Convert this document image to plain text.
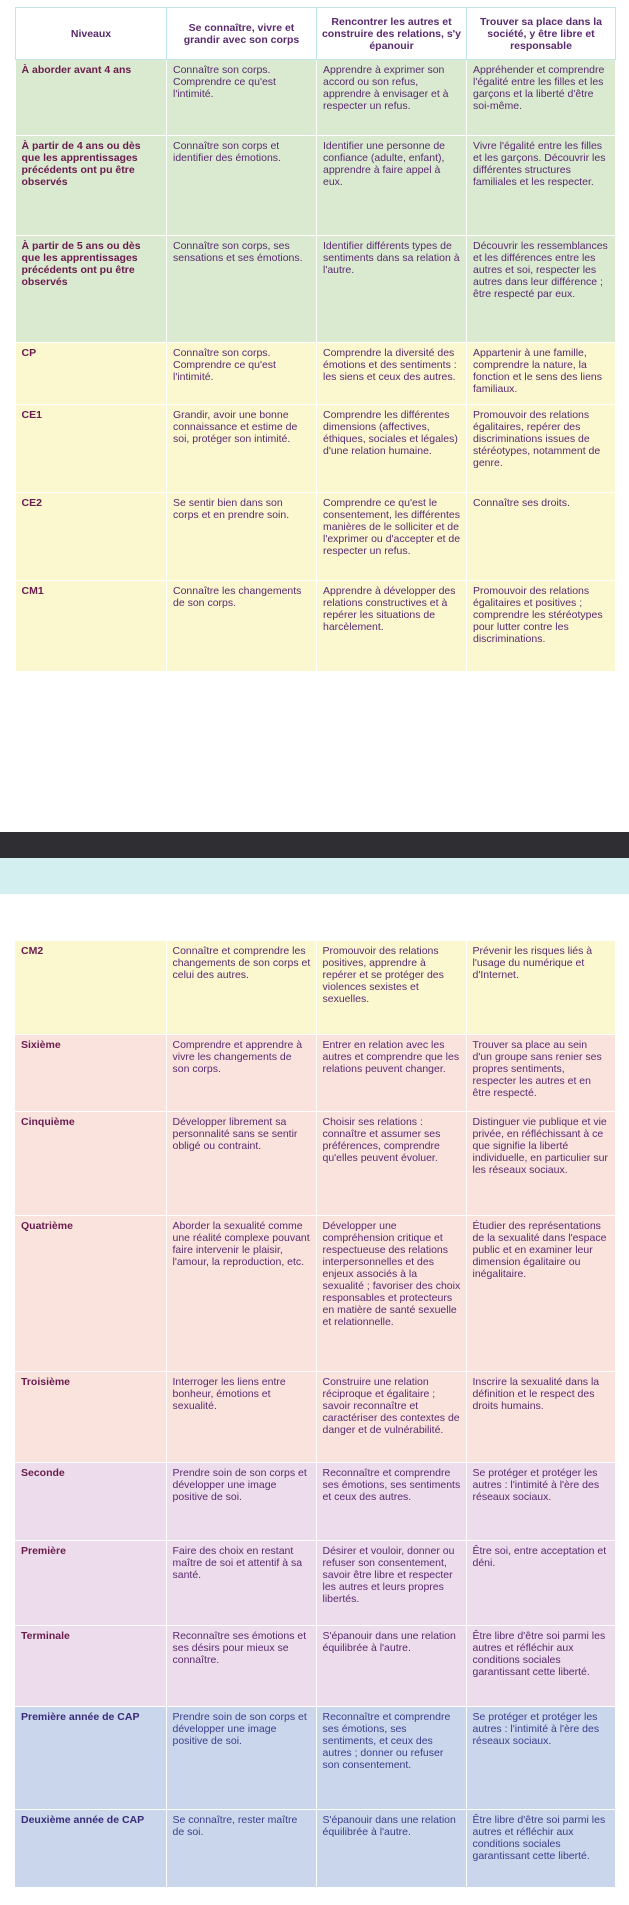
Niveaux	Se connaître, vivre et grandir avec son corps	Rencontrer les autres et construire des relations, s'y épanouir	Trouver sa place dans la société, y être libre et responsable
À aborder avant 4 ans	Connaître son corps. Comprendre ce qu'est l'intimité.	Apprendre à exprimer son accord ou son refus, apprendre à envisager et à respecter un refus.	Appréhender et comprendre l'égalité entre les filles et les garçons et la liberté d'être soi-même.
À partir de 4 ans ou dès que les apprentissages précédents ont pu être observés	Connaître son corps et identifier des émotions.	Identifier une personne de confiance (adulte, enfant), apprendre à faire appel à eux.	Vivre l'égalité entre les filles et les garçons. Découvrir les différentes structures familiales et les respecter.
À partir de 5 ans ou dès que les apprentissages précédents ont pu être observés	Connaître son corps, ses sensations et ses émotions.	Identifier différents types de sentiments dans sa relation à l'autre.	Découvrir les ressemblances et les différences entre les autres et soi, respecter les autres dans leur différence ; être respecté par eux.
CP	Connaître son corps. Comprendre ce qu'est l'intimité.	Comprendre la diversité des émotions et des sentiments : les siens et ceux des autres.	Appartenir à une famille, comprendre la nature, la fonction et le sens des liens familiaux.
CE1	Grandir, avoir une bonne connaissance et estime de soi, protéger son intimité.	Comprendre les différentes dimensions (affectives, éthiques, sociales et légales) d'une relation humaine.	Promouvoir des relations égalitaires, repérer des discriminations issues de stéréotypes, notamment de genre.
CE2	Se sentir bien dans son corps et en prendre soin.	Comprendre ce qu'est le consentement, les différentes manières de le solliciter et de l'exprimer ou d'accepter et de respecter un refus.	Connaître ses droits.
CM1	Connaître les changements de son corps.	Apprendre à développer des relations constructives et à repérer les situations de harcèlement.	Promouvoir des relations égalitaires et positives ; comprendre les stéréotypes pour lutter contre les discriminations.
CM2	Connaître et comprendre les changements de son corps et celui des autres.	Promouvoir des relations positives, apprendre à repérer et se protéger des violences sexistes et sexuelles.	Prévenir les risques liés à l'usage du numérique et d'Internet.
Sixième	Comprendre et apprendre à vivre les changements de son corps.	Entrer en relation avec les autres et comprendre que les relations peuvent changer.	Trouver sa place au sein d'un groupe sans renier ses propres sentiments, respecter les autres et en être respecté.
Cinquième	Développer librement sa personnalité sans se sentir obligé ou contraint.	Choisir ses relations : connaître et assumer ses préférences, comprendre qu'elles peuvent évoluer.	Distinguer vie publique et vie privée, en réfléchissant à ce que signifie la liberté individuelle, en particulier sur les réseaux sociaux.
Quatrième	Aborder la sexualité comme une réalité complexe pouvant faire intervenir le plaisir, l'amour, la reproduction, etc.	Développer une compréhension critique et respectueuse des relations interpersonnelles et des enjeux associés à la sexualité ; favoriser des choix responsables et protecteurs en matière de santé sexuelle et relationnelle.	Étudier des représentations de la sexualité dans l'espace public et en examiner leur dimension égalitaire ou inégalitaire.
Troisième	Interroger les liens entre bonheur, émotions et sexualité.	Construire une relation réciproque et égalitaire ; savoir reconnaître et caractériser des contextes de danger et de vulnérabilité.	Inscrire la sexualité dans la définition et le respect des droits humains.
Seconde	Prendre soin de son corps et développer une image positive de soi.	Reconnaître et comprendre ses émotions, ses sentiments et ceux des autres.	Se protéger et protéger les autres : l'intimité à l'ère des réseaux sociaux.
Première	Faire des choix en restant maître de soi et attentif à sa santé.	Désirer et vouloir, donner ou refuser son consentement, savoir être libre et respecter les autres et leurs propres libertés.	Être soi, entre acceptation et déni.
Terminale	Reconnaître ses émotions et ses désirs pour mieux se connaître.	S'épanouir dans une relation équilibrée à l'autre.	Être libre d'être soi parmi les autres et réfléchir aux conditions sociales garantissant cette liberté.
Première année de CAP	Prendre soin de son corps et développer une image positive de soi.	Reconnaître et comprendre ses émotions, ses sentiments, et ceux des autres ; donner ou refuser son consentement.	Se protéger et protéger les autres : l'intimité à l'ère des réseaux sociaux.
Deuxième année de CAP	Se connaître, rester maître de soi.	S'épanouir dans une relation équilibrée à l'autre.	Être libre d'être soi parmi les autres et réfléchir aux conditions sociales garantissant cette liberté.
